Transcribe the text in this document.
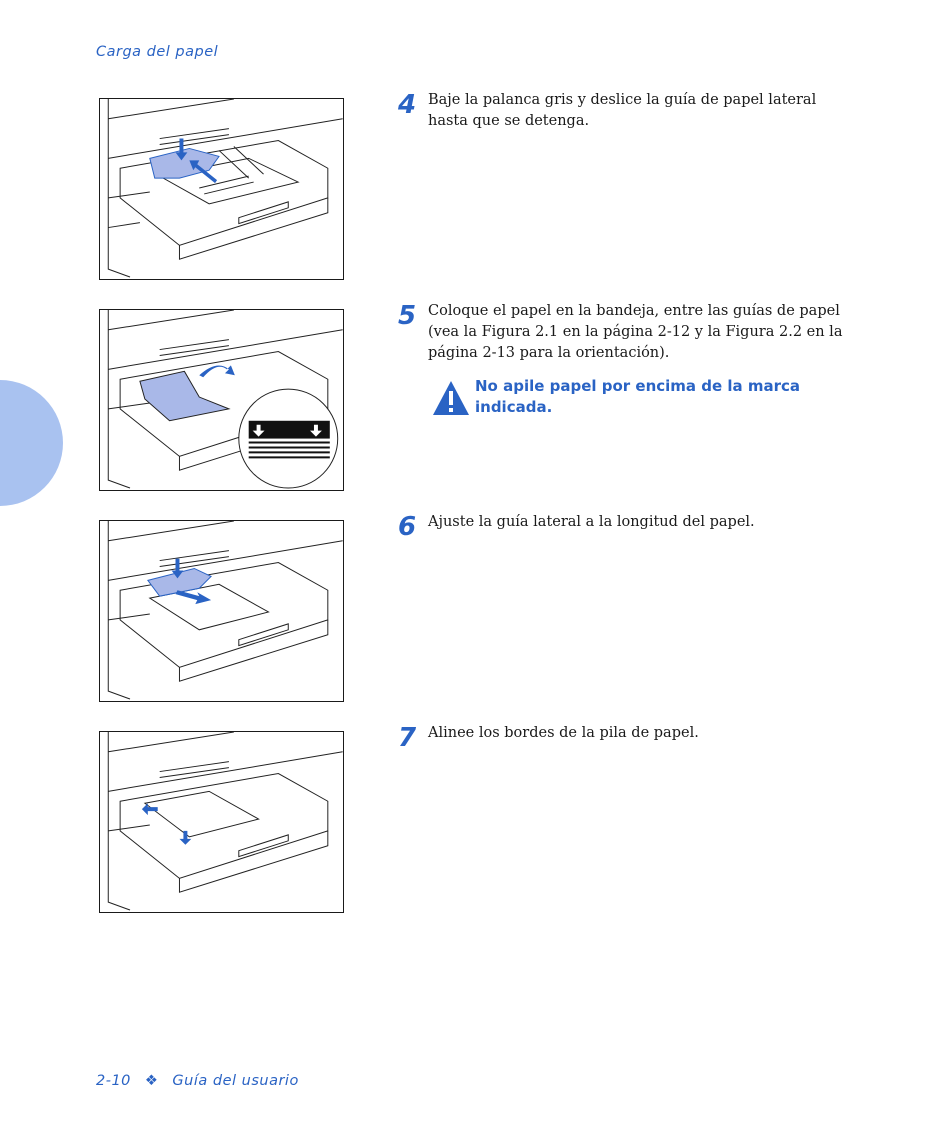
Carga del papel
4 Baje la palanca gris y deslice la guía de papel lateral hasta que se detenga.
5 Coloque el papel en la bandeja, entre las guías de papel (vea la Figura 2.1 en la página 2-12 y la Figura 2.2 en la página 2-13 para la orientación).
No apile papel por encima de la marca indicada.
6 Ajuste la guía lateral a la longitud del papel.
7 Alinee los bordes de la pila de papel.
2-10 ❖ Guía del usuario
